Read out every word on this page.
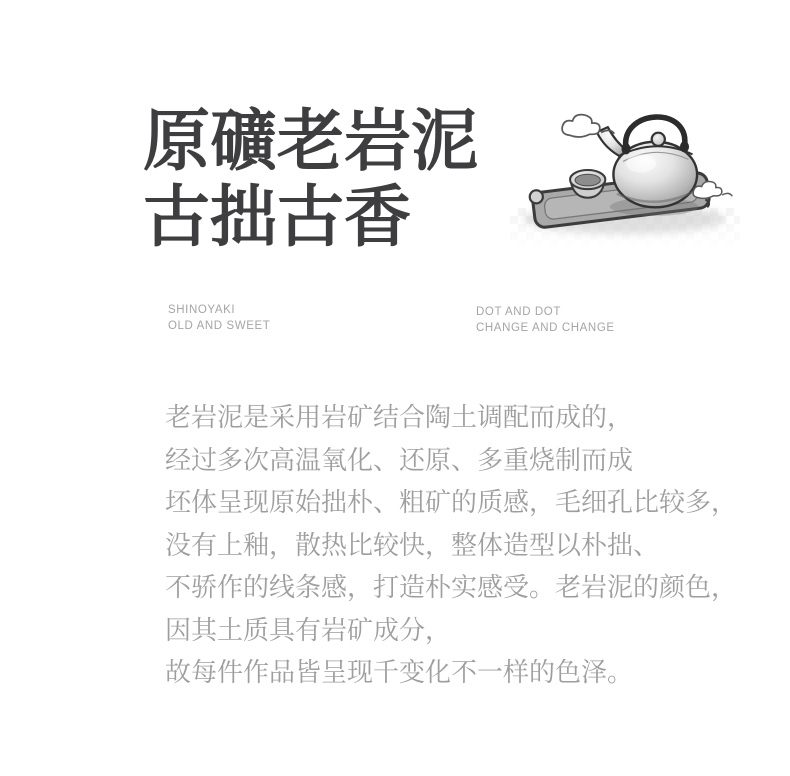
原礦老岩泥
古拙古香
SHINOYAKI
OLD AND SWEET
DOT AND DOT
CHANGE AND CHANGE

老岩泥是采用岩矿结合陶土调配而成的，

经过多次高温氧化、还原、多重烧制而成

坯体呈现原始拙朴、粗矿的质感，毛细孔比较多，

没有上釉，散热比较快，整体造型以朴拙、

不骄作的线条感，打造朴实感受。老岩泥的颜色，

因其土质具有岩矿成分，

故每件作品皆呈现千变化不一样的色泽。
